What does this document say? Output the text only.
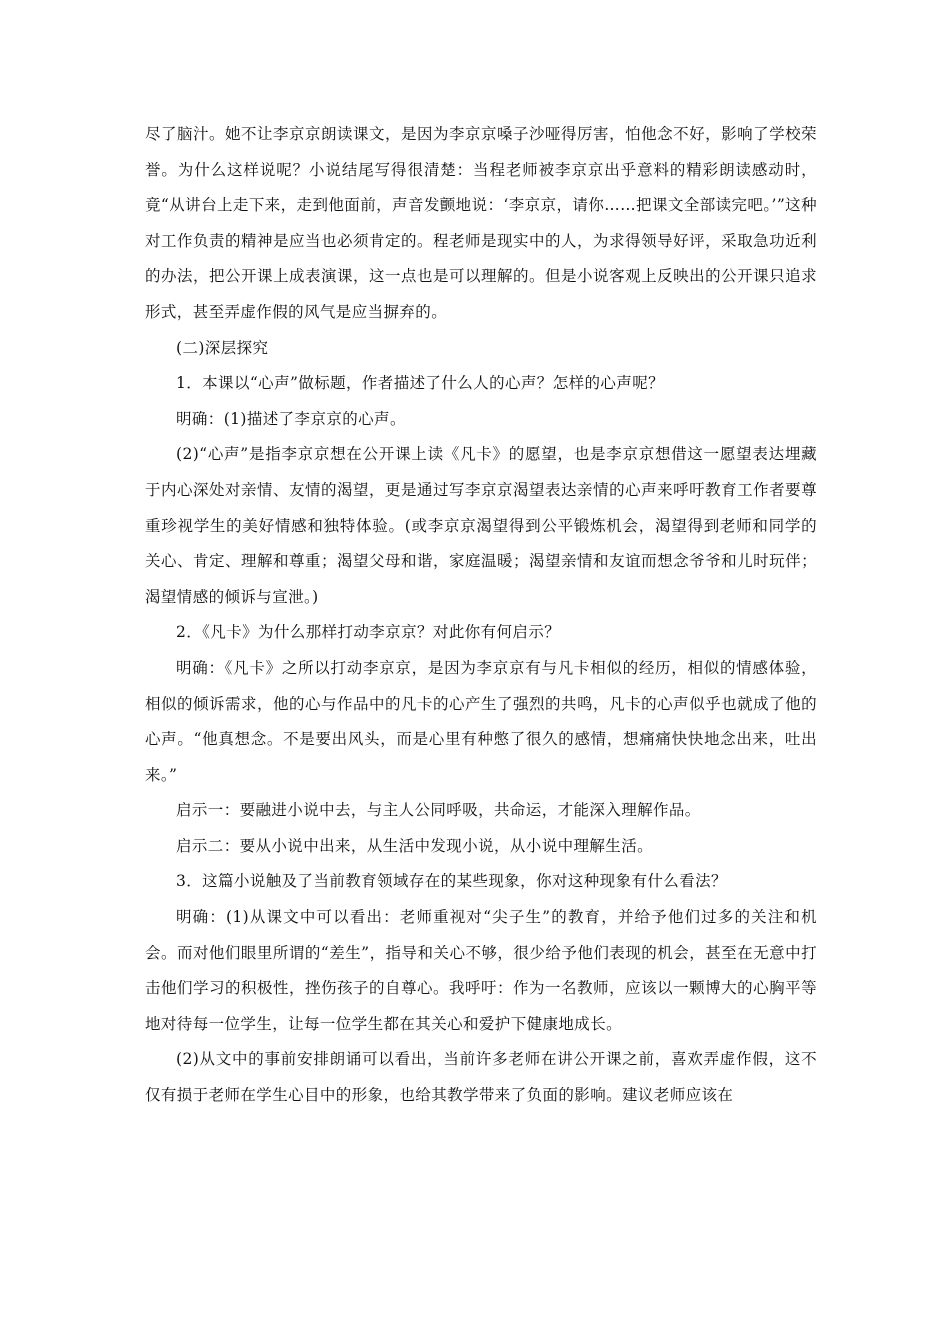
尽了脑汁。她不让李京京朗读课文，是因为李京京嗓子沙哑得厉害，怕他念不好，影响了学校荣誉。为什么这样说呢？小说结尾写得很清楚：当程老师被李京京出乎意料的精彩朗读感动时，竟“从讲台上走下来，走到他面前，声音发颤地说：‘李京京，请你……把课文全部读完吧。’”这种对工作负责的精神是应当也必须肯定的。程老师是现实中的人，为求得领导好评，采取急功近利的办法，把公开课上成表演课，这一点也是可以理解的。但是小说客观上反映出的公开课只追求形式，甚至弄虚作假的风气是应当摒弃的。

(二)深层探究

1．本课以“心声”做标题，作者描述了什么人的心声？怎样的心声呢？

明确：(1)描述了李京京的心声。

(2)“心声”是指李京京想在公开课上读《凡卡》的愿望，也是李京京想借这一愿望表达埋藏于内心深处对亲情、友情的渴望，更是通过写李京京渴望表达亲情的心声来呼吁教育工作者要尊重珍视学生的美好情感和独特体验。(或李京京渴望得到公平锻炼机会，渴望得到老师和同学的关心、肯定、理解和尊重；渴望父母和谐，家庭温暖；渴望亲情和友谊而想念爷爷和儿时玩伴；渴望情感的倾诉与宣泄。)

2．《凡卡》为什么那样打动李京京？对此你有何启示？

明确：《凡卡》之所以打动李京京，是因为李京京有与凡卡相似的经历，相似的情感体验，相似的倾诉需求，他的心与作品中的凡卡的心产生了强烈的共鸣，凡卡的心声似乎也就成了他的心声。“他真想念。不是要出风头，而是心里有种憋了很久的感情，想痛痛快快地念出来，吐出来。”

启示一：要融进小说中去，与主人公同呼吸，共命运，才能深入理解作品。

启示二：要从小说中出来，从生活中发现小说，从小说中理解生活。

3．这篇小说触及了当前教育领域存在的某些现象，你对这种现象有什么看法？

明确：(1)从课文中可以看出：老师重视对“尖子生”的教育，并给予他们过多的关注和机会。而对他们眼里所谓的“差生”，指导和关心不够，很少给予他们表现的机会，甚至在无意中打击他们学习的积极性，挫伤孩子的自尊心。我呼吁：作为一名教师，应该以一颗博大的心胸平等地对待每一位学生，让每一位学生都在其关心和爱护下健康地成长。

(2)从文中的事前安排朗诵可以看出，当前许多老师在讲公开课之前，喜欢弄虚作假，这不仅有损于老师在学生心目中的形象，也给其教学带来了负面的影响。建议老师应该在
